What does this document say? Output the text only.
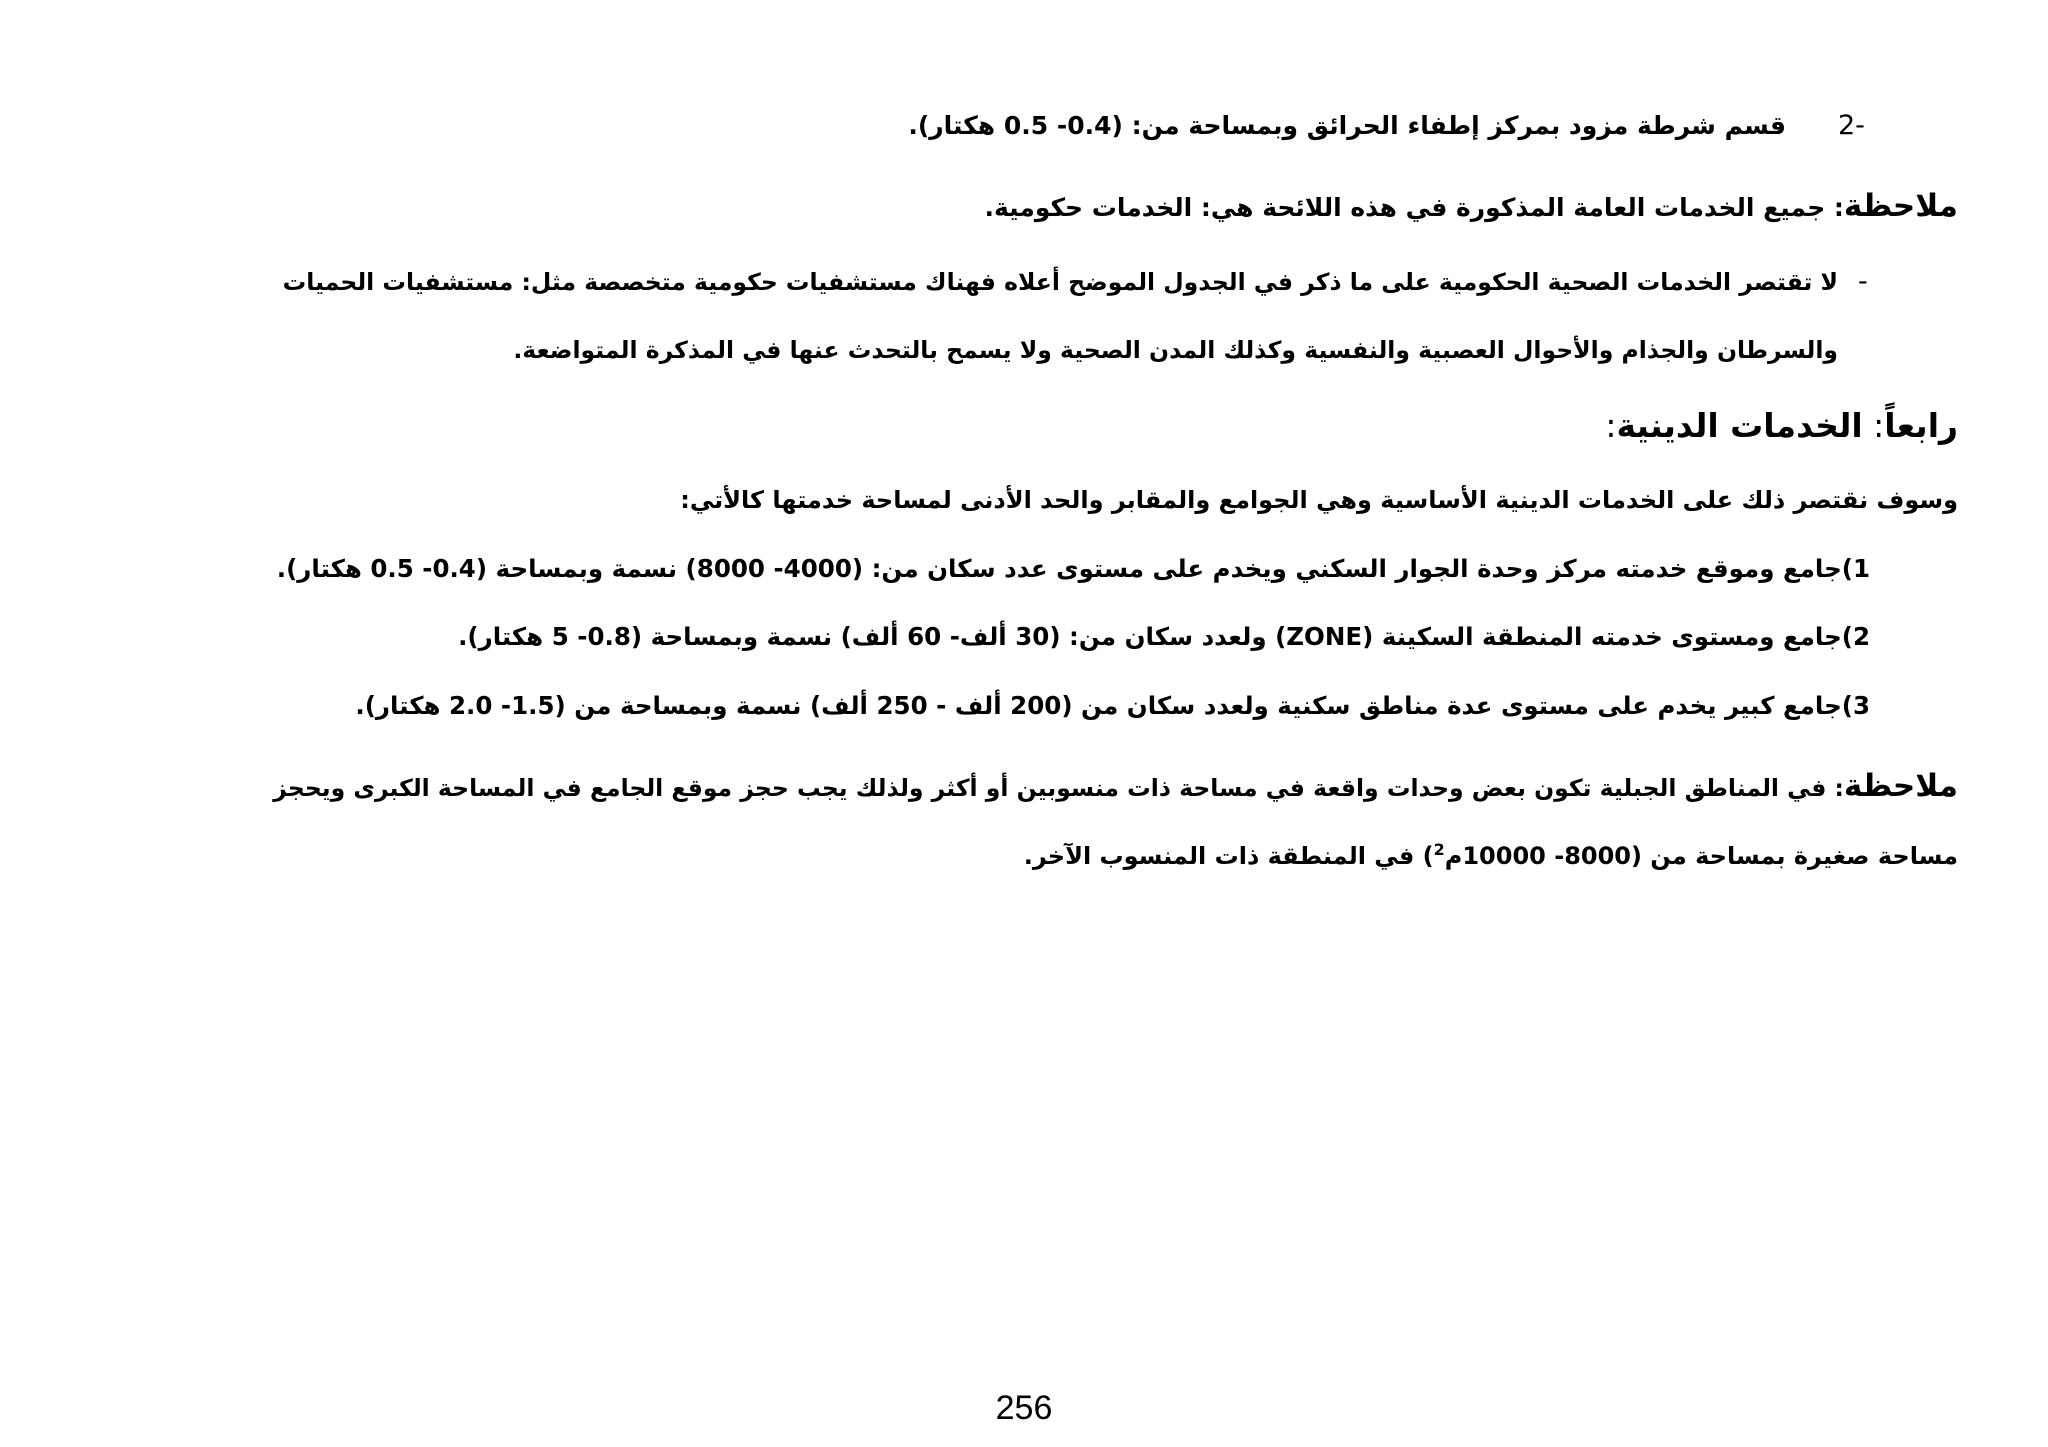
2-
قسم شرطة مزود بمركز إطفاء الحرائق وبمساحة من: (0.4- 0.5 هكتار).
ملاحظة: جميع الخدمات العامة المذكورة في هذه اللائحة هي: الخدمات حكومية.
-
لا تقتصر الخدمات الصحية الحكومية على ما ذكر في الجدول الموضح أعلاه فهناك مستشفيات حكومية متخصصة مثل: مستشفيات الحميات
والسرطان والجذام والأحوال العصبية والنفسية وكذلك المدن الصحية ولا يسمح بالتحدث عنها في المذكرة المتواضعة.
رابعاً: الخدمات الدينية:
وسوف نقتصر ذلك على الخدمات الدينية الأساسية وهي الجوامع والمقابر والحد الأدنى لمساحة خدمتها كالأتي:
1)جامع وموقع خدمته مركز وحدة الجوار السكني ويخدم على مستوى عدد سكان من: (4000- 8000) نسمة وبمساحة (0.4- 0.5 هكتار).
2)جامع ومستوى خدمته المنطقة السكينة (ZONE) ولعدد سكان من: (30 ألف- 60 ألف) نسمة وبمساحة (0.8- 5 هكتار).
3)جامع كبير يخدم على مستوى عدة مناطق سكنية ولعدد سكان من (200 ألف - 250 ألف) نسمة وبمساحة من (1.5- 2.0 هكتار).
ملاحظة: في المناطق الجبلية تكون بعض وحدات واقعة في مساحة ذات منسوبين أو أكثر ولذلك يجب حجز موقع الجامع في المساحة الكبرى ويحجز
مساحة صغيرة بمساحة من (8000- 10000م$^2$) في المنطقة ذات المنسوب الآخر.
256
